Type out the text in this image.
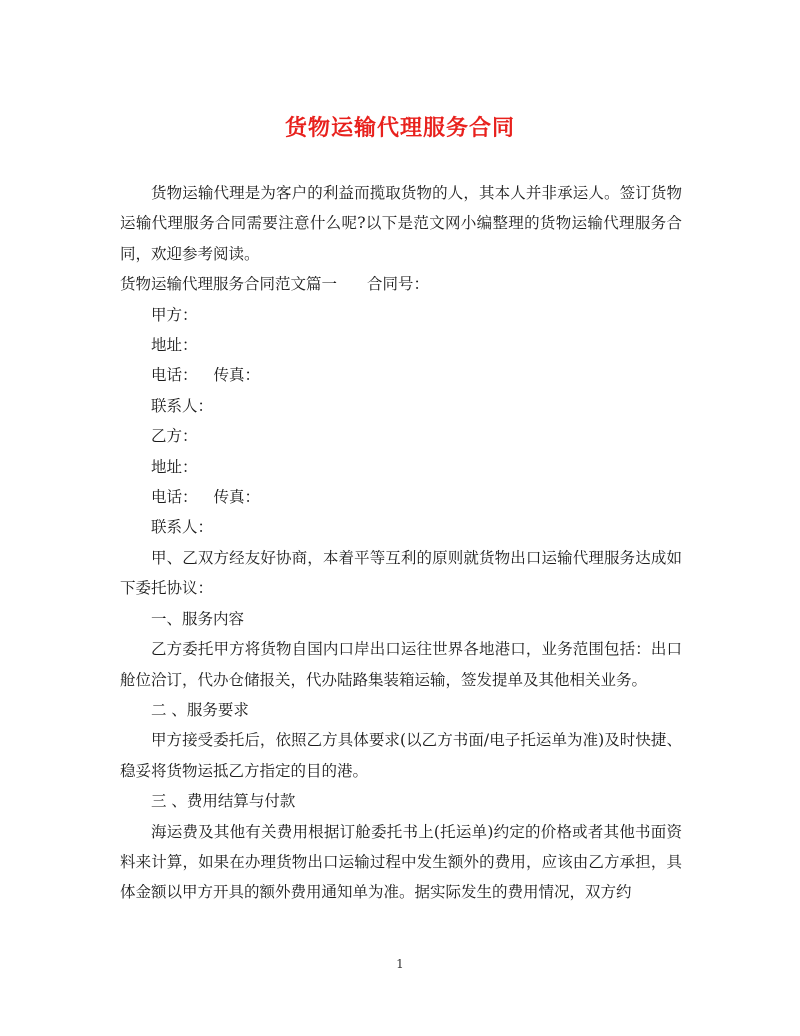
货物运输代理服务合同

货物运输代理是为客户的利益而揽取货物的人，其本人并非承运人。签订货物运输代理服务合同需要注意什么呢?以下是范文网小编整理的货物运输代理服务合同，欢迎参考阅读。

货物运输代理服务合同范文篇一 合同号：

甲方：

地址：

电话： 传真：

联系人：

乙方：

地址：

电话： 传真：

联系人：

甲、乙双方经友好协商，本着平等互利的原则就货物出口运输代理服务达成如下委托协议：

一、服务内容

乙方委托甲方将货物自国内口岸出口运往世界各地港口，业务范围包括：出口舱位洽订，代办仓储报关，代办陆路集装箱运输，签发提单及其他相关业务。

二 、服务要求

甲方接受委托后，依照乙方具体要求(以乙方书面/电子托运单为准)及时快捷、稳妥将货物运抵乙方指定的目的港。

三 、费用结算与付款

海运费及其他有关费用根据订舱委托书上(托运单)约定的价格或者其他书面资料来计算，如果在办理货物出口运输过程中发生额外的费用，应该由乙方承担，具体金额以甲方开具的额外费用通知单为准。据实际发生的费用情况，双方约

1
